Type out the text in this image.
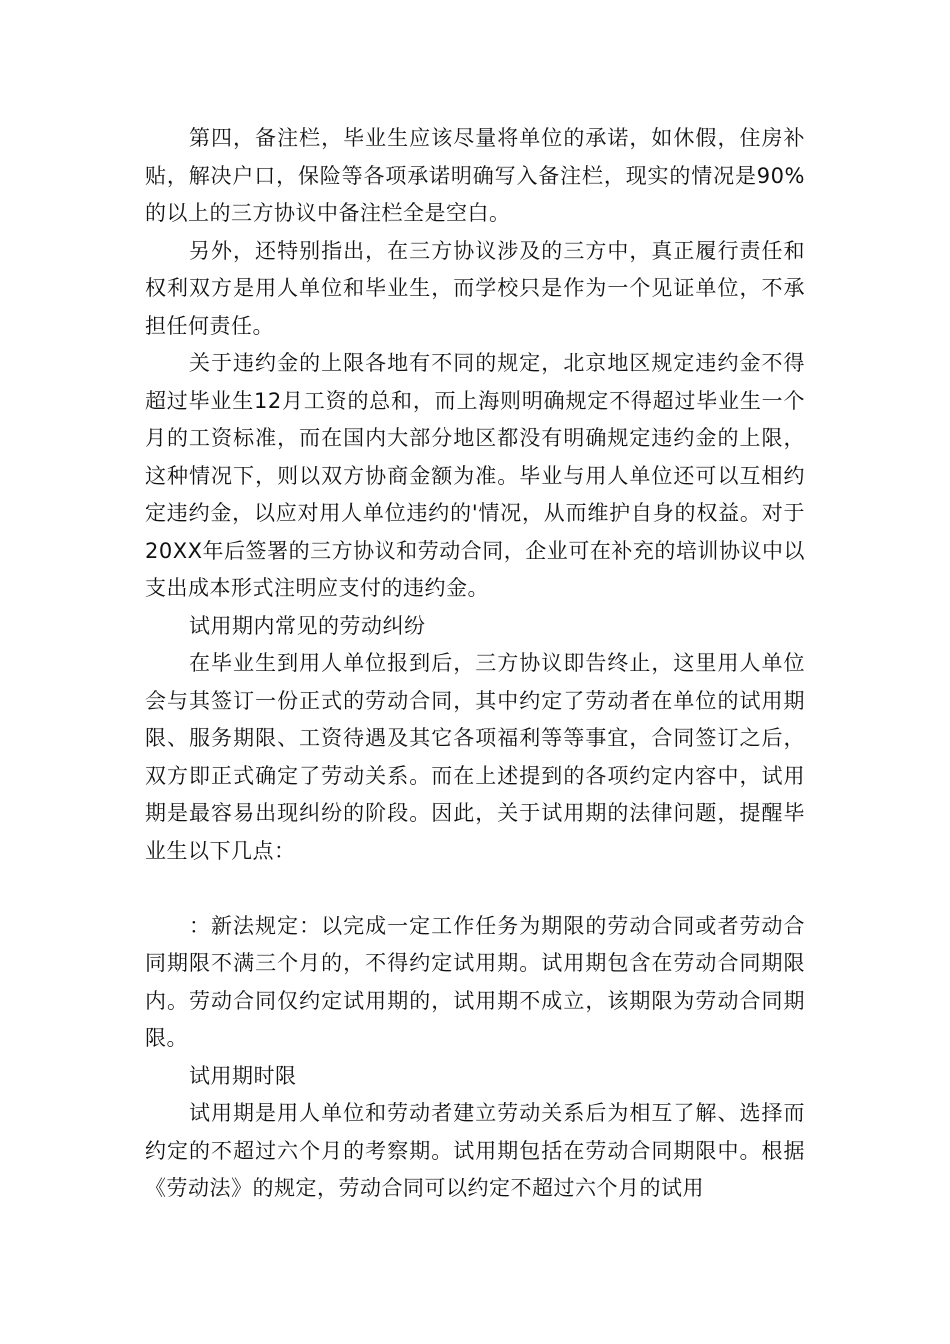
第四，备注栏，毕业生应该尽量将单位的承诺，如休假，住房补贴，解决户口，保险等各项承诺明确写入备注栏，现实的情况是90%的以上的三方协议中备注栏全是空白。

另外，还特别指出，在三方协议涉及的三方中，真正履行责任和权利双方是用人单位和毕业生，而学校只是作为一个见证单位，不承担任何责任。

关于违约金的上限各地有不同的规定，北京地区规定违约金不得超过毕业生12月工资的总和，而上海则明确规定不得超过毕业生一个月的工资标准，而在国内大部分地区都没有明确规定违约金的上限，这种情况下，则以双方协商金额为准。毕业与用人单位还可以互相约定违约金，以应对用人单位违约的'情况，从而维护自身的权益。对于20XX年后签署的三方协议和劳动合同，企业可在补充的培训协议中以支出成本形式注明应支付的违约金。

试用期内常见的劳动纠纷

在毕业生到用人单位报到后，三方协议即告终止，这里用人单位会与其签订一份正式的劳动合同，其中约定了劳动者在单位的试用期限、服务期限、工资待遇及其它各项福利等等事宜，合同签订之后，双方即正式确定了劳动关系。而在上述提到的各项约定内容中，试用期是最容易出现纠纷的阶段。因此，关于试用期的法律问题，提醒毕业生以下几点：

：新法规定：以完成一定工作任务为期限的劳动合同或者劳动合同期限不满三个月的，不得约定试用期。试用期包含在劳动合同期限内。劳动合同仅约定试用期的，试用期不成立，该期限为劳动合同期限。

试用期时限

试用期是用人单位和劳动者建立劳动关系后为相互了解、选择而约定的不超过六个月的考察期。试用期包括在劳动合同期限中。根据《劳动法》的规定，劳动合同可以约定不超过六个月的试用
